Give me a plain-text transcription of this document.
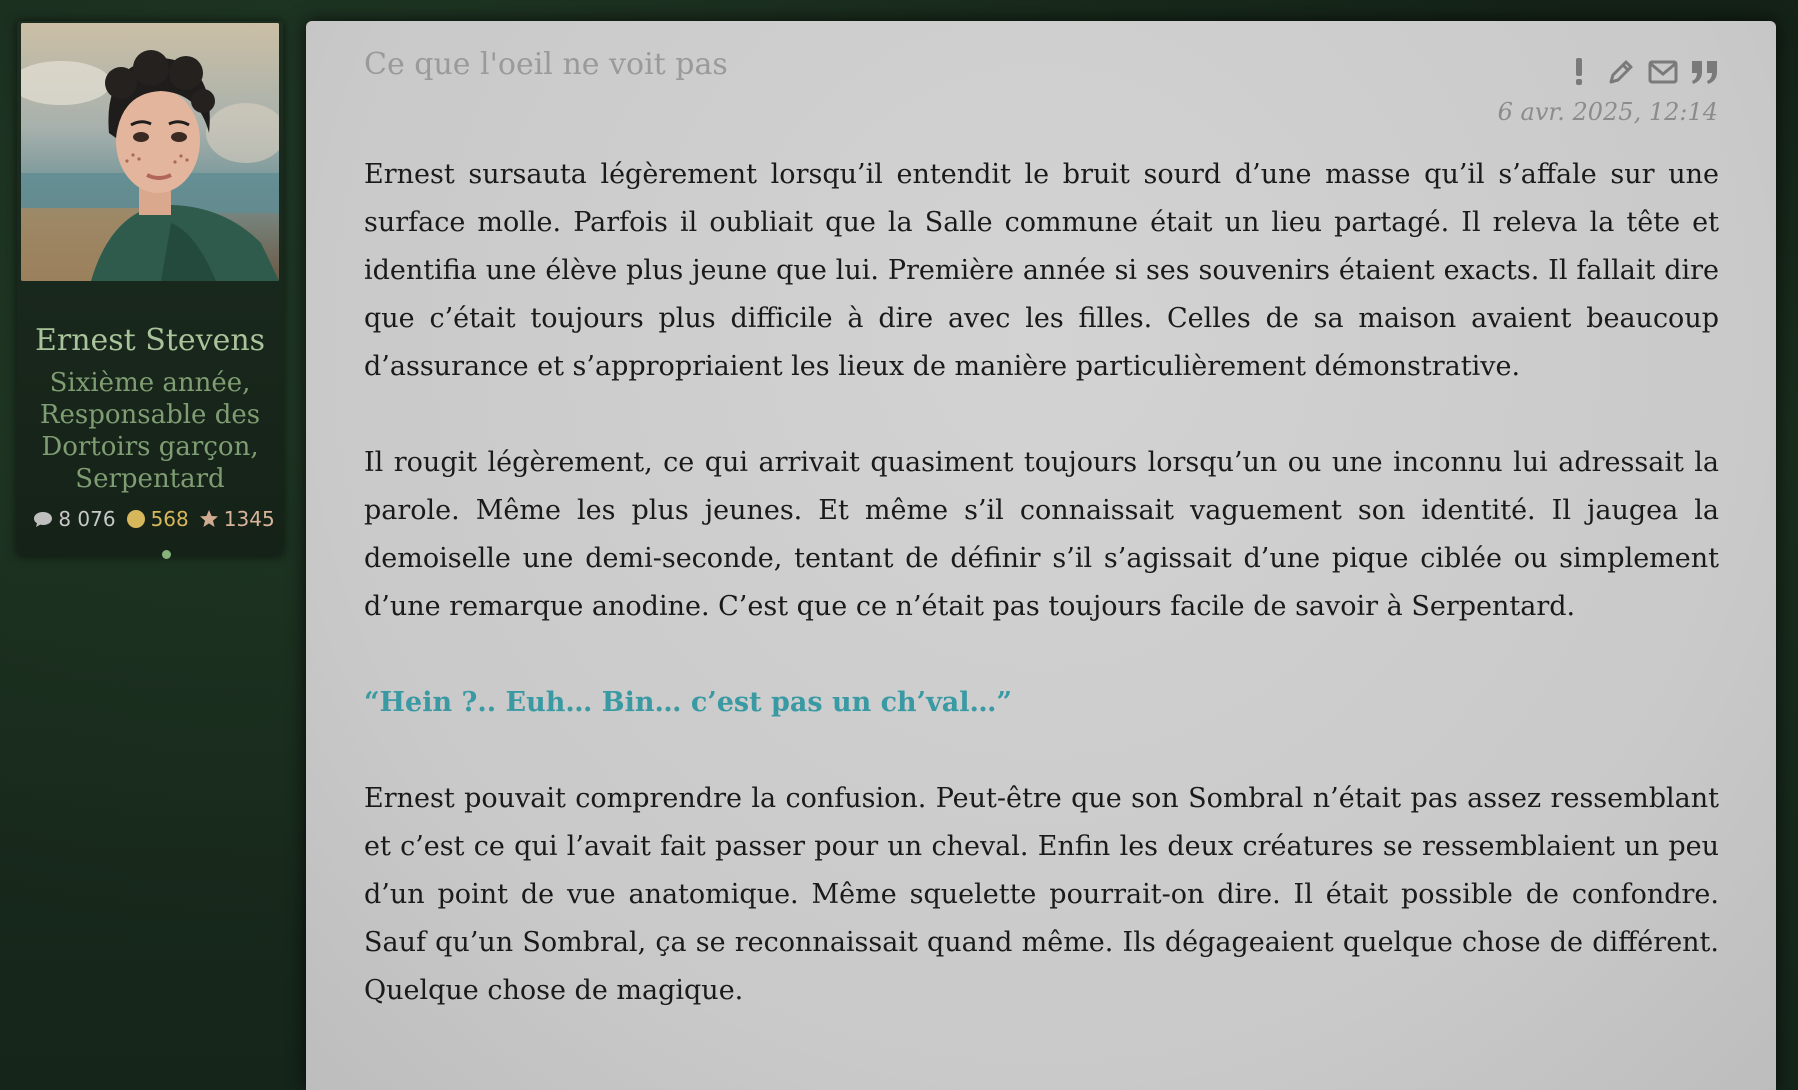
Ernest Stevens
Sixième année, Responsable des Dortoirs garçon, Serpentard
8 076 568 1345
Ce que l'oeil ne voit pas
6 avr. 2025, 12:14

Ernest sursauta légèrement lorsqu’il entendit le bruit sourd d’une masse qu’il s’affale sur une surface molle. Parfois il oubliait que la Salle commune était un lieu partagé. Il releva la tête et identifia une élève plus jeune que lui. Première année si ses souvenirs étaient exacts. Il fallait dire que c’était toujours plus difficile à dire avec les filles. Celles de sa maison avaient beaucoup d’assurance et s’appropriaient les lieux de manière particulièrement démonstrative.

Il rougit légèrement, ce qui arrivait quasiment toujours lorsqu’un ou une inconnu lui adressait la parole. Même les plus jeunes. Et même s’il connaissait vaguement son identité. Il jaugea la demoiselle une demi-seconde, tentant de définir s’il s’agissait d’une pique ciblée ou simplement d’une remarque anodine. C’est que ce n’était pas toujours facile de savoir à Serpentard.

“Hein ?.. Euh… Bin… c’est pas un ch’val…”

Ernest pouvait comprendre la confusion. Peut-être que son Sombral n’était pas assez ressemblant et c’est ce qui l’avait fait passer pour un cheval. Enfin les deux créatures se ressemblaient un peu d’un point de vue anatomique. Même squelette pourrait-on dire. Il était possible de confondre. Sauf qu’un Sombral, ça se reconnaissait quand même. Ils dégageaient quelque chose de différent. Quelque chose de magique.
